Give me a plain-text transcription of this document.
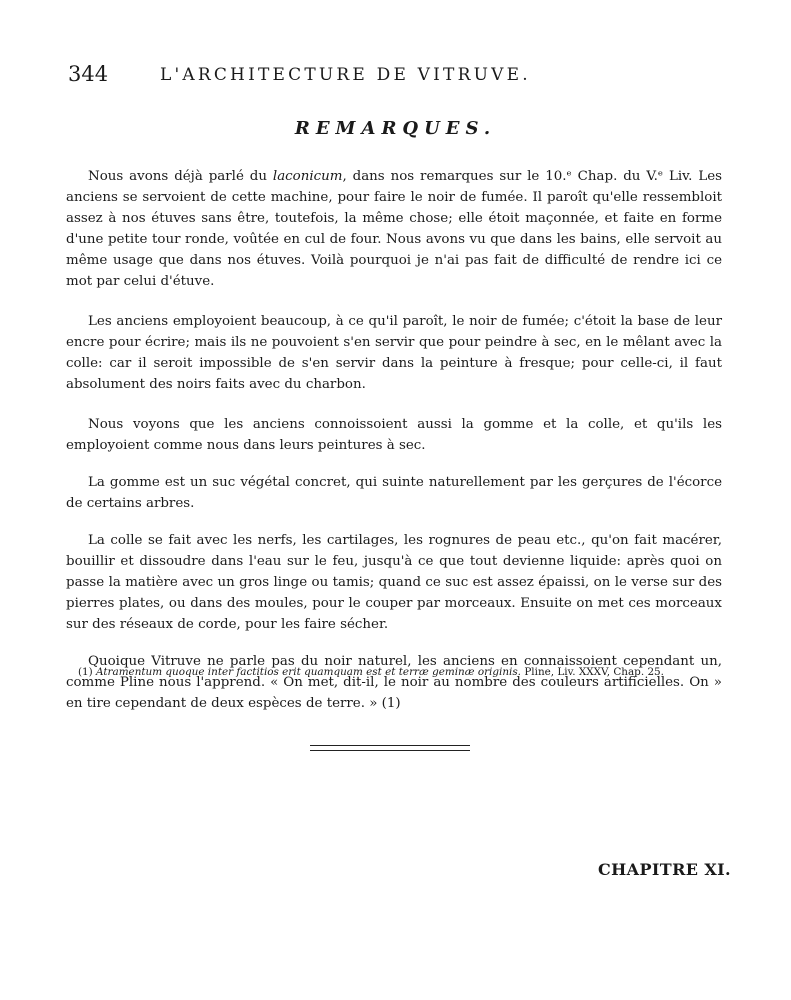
344	L'ARCHITECTURE DE VITRUVE.
REMARQUES.

Nous avons déjà parlé du laconicum, dans nos remarques sur le 10.ᵉ Chap. du V.ᵉ Liv. Les anciens se servoient de cette machine, pour faire le noir de fumée. Il paroît qu'elle ressembloit assez à nos étuves sans être, toutefois, la même chose; elle étoit maçonnée, et faite en forme d'une petite tour ronde, voûtée en cul de four. Nous avons vu que dans les bains, elle servoit au même usage que dans nos étuves. Voilà pourquoi je n'ai pas fait de difficulté de rendre ici ce mot par celui d'étuve.

Les anciens employoient beaucoup, à ce qu'il paroît, le noir de fumée; c'étoit la base de leur encre pour écrire; mais ils ne pouvoient s'en servir que pour peindre à sec, en le mêlant avec la colle: car il seroit impossible de s'en servir dans la peinture à fresque; pour celle-ci, il faut absolument des noirs faits avec du charbon.

Nous voyons que les anciens connoissoient aussi la gomme et la colle, et qu'ils les employoient comme nous dans leurs peintures à sec.

La gomme est un suc végétal concret, qui suinte naturellement par les gerçures de l'écorce de certains arbres.

La colle se fait avec les nerfs, les cartilages, les rognures de peau etc., qu'on fait macérer, bouillir et dissoudre dans l'eau sur le feu, jusqu'à ce que tout devienne liquide: après quoi on passe la matière avec un gros linge ou tamis; quand ce suc est assez épaissi, on le verse sur des pierres plates, ou dans des moules, pour le couper par morceaux. Ensuite on met ces morceaux sur des réseaux de corde, pour les faire sécher.

Quoique Vitruve ne parle pas du noir naturel, les anciens en connaissoient cependant un, comme Pline nous l'apprend. « On met, dit-il, le noir au nombre des couleurs artificielles. On » en tire cependant de deux espèces de terre. » (1)

(1) Atramentum quoque inter factitios erit quamquam est et terræ geminæ originis. Pline, Liv. XXXV, Chap. 25.
CHAPITRE XI.
